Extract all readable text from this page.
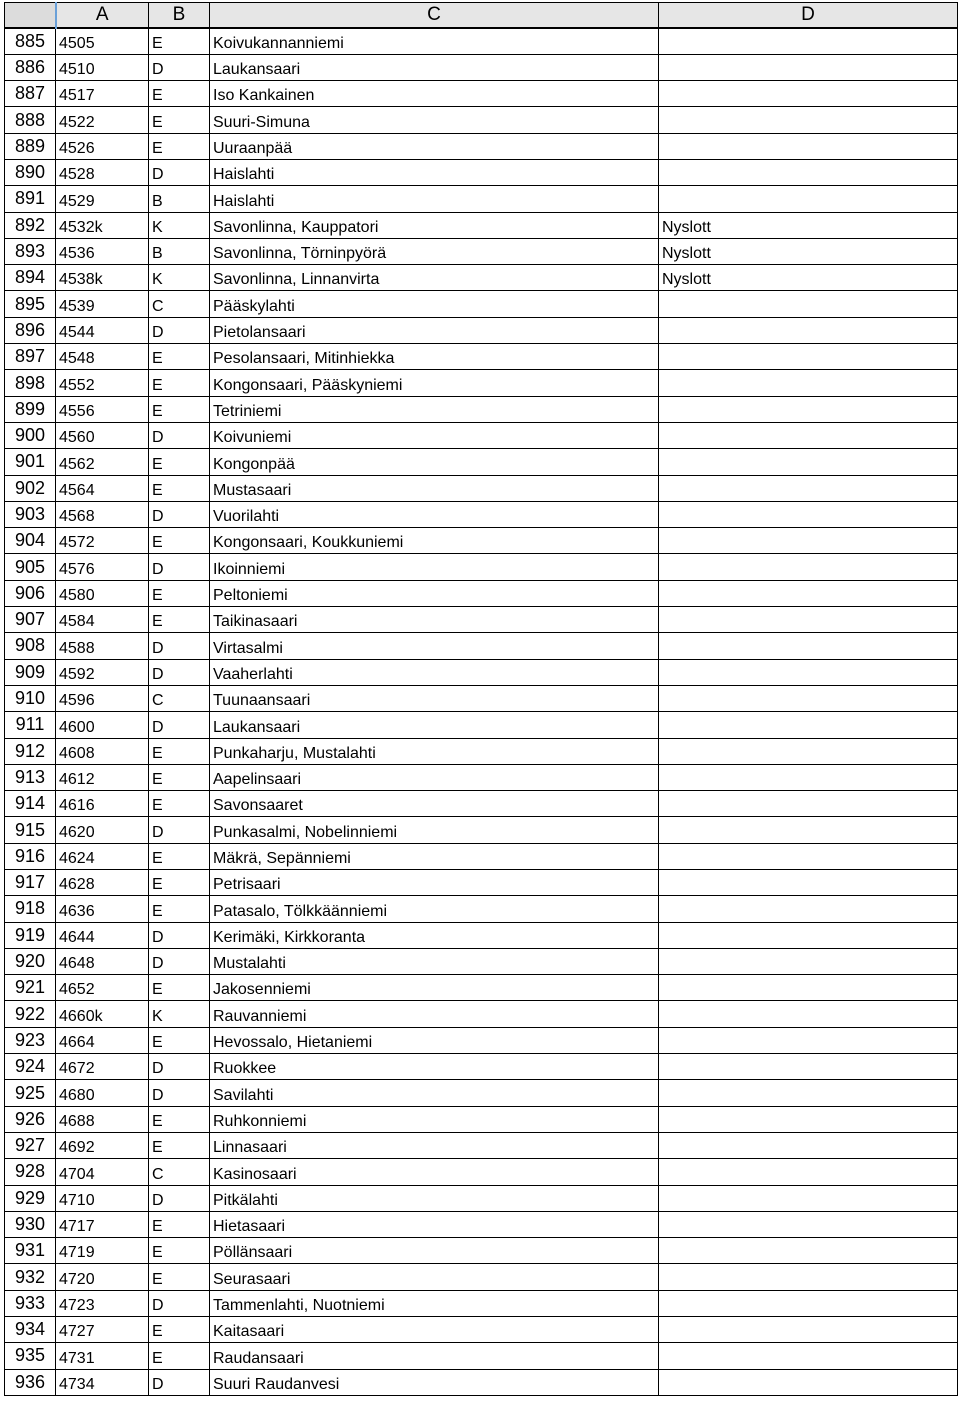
	A	B	C	D
885	4505	E	Koivukannanniemi	
886	4510	D	Laukansaari	
887	4517	E	Iso Kankainen	
888	4522	E	Suuri-Simuna	
889	4526	E	Uuraanpää	
890	4528	D	Haislahti	
891	4529	B	Haislahti	
892	4532k	K	Savonlinna, Kauppatori	Nyslott
893	4536	B	Savonlinna, Törninpyörä	Nyslott
894	4538k	K	Savonlinna, Linnanvirta	Nyslott
895	4539	C	Pääskylahti	
896	4544	D	Pietolansaari	
897	4548	E	Pesolansaari, Mitinhiekka	
898	4552	E	Kongonsaari, Pääskyniemi	
899	4556	E	Tetriniemi	
900	4560	D	Koivuniemi	
901	4562	E	Kongonpää	
902	4564	E	Mustasaari	
903	4568	D	Vuorilahti	
904	4572	E	Kongonsaari, Koukkuniemi	
905	4576	D	Ikoinniemi	
906	4580	E	Peltoniemi	
907	4584	E	Taikinasaari	
908	4588	D	Virtasalmi	
909	4592	D	Vaaherlahti	
910	4596	C	Tuunaansaari	
911	4600	D	Laukansaari	
912	4608	E	Punkaharju, Mustalahti	
913	4612	E	Aapelinsaari	
914	4616	E	Savonsaaret	
915	4620	D	Punkasalmi, Nobelinniemi	
916	4624	E	Mäkrä, Sepänniemi	
917	4628	E	Petrisaari	
918	4636	E	Patasalo, Tölkkäänniemi	
919	4644	D	Kerimäki, Kirkkoranta	
920	4648	D	Mustalahti	
921	4652	E	Jakosenniemi	
922	4660k	K	Rauvanniemi	
923	4664	E	Hevossalo, Hietaniemi	
924	4672	D	Ruokkee	
925	4680	D	Savilahti	
926	4688	E	Ruhkonniemi	
927	4692	E	Linnasaari	
928	4704	C	Kasinosaari	
929	4710	D	Pitkälahti	
930	4717	E	Hietasaari	
931	4719	E	Pöllänsaari	
932	4720	E	Seurasaari	
933	4723	D	Tammenlahti, Nuotniemi	
934	4727	E	Kaitasaari	
935	4731	E	Raudansaari	
936	4734	D	Suuri Raudanvesi	
